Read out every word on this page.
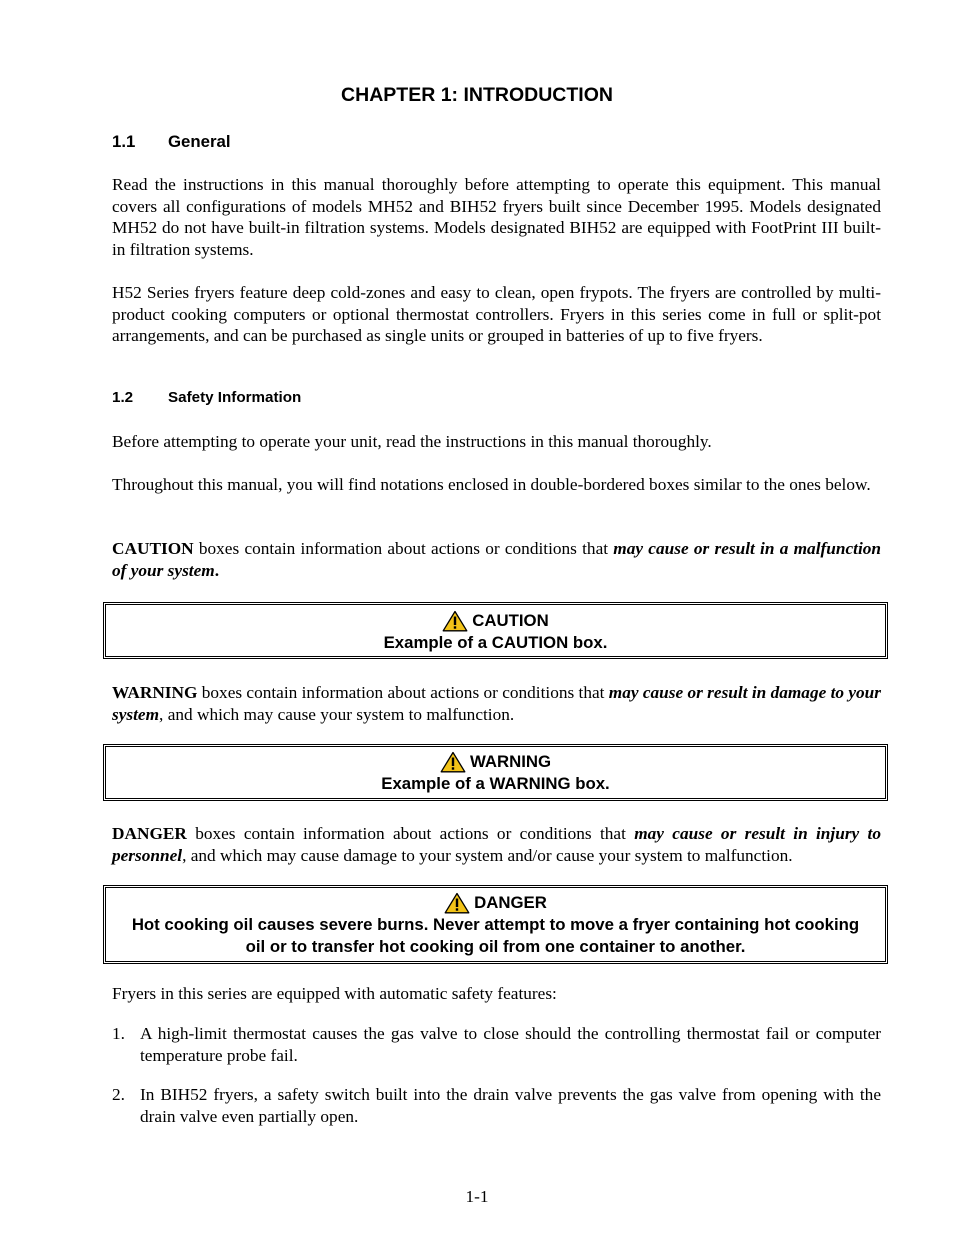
CHAPTER 1: INTRODUCTION
1.1 General

Read the instructions in this manual thoroughly before attempting to operate this equipment. This manual covers all configurations of models MH52 and BIH52 fryers built since December 1995. Models designated MH52 do not have built-in filtration systems. Models designated BIH52 are equipped with FootPrint III built-in filtration systems.

H52 Series fryers feature deep cold-zones and easy to clean, open frypots. The fryers are controlled by multi-product cooking computers or optional thermostat controllers. Fryers in this series come in full or split-pot arrangements, and can be purchased as single units or grouped in batteries of up to five fryers.

1.2 Safety Information

Before attempting to operate your unit, read the instructions in this manual thoroughly.

Throughout this manual, you will find notations enclosed in double-bordered boxes similar to the ones below.

CAUTION boxes contain information about actions or conditions that may cause or result in a malfunction of your system.

CAUTION
Example of a CAUTION box.

WARNING boxes contain information about actions or conditions that may cause or result in damage to your system, and which may cause your system to malfunction.

WARNING
Example of a WARNING box.

DANGER boxes contain information about actions or conditions that may cause or result in injury to personnel, and which may cause damage to your system and/or cause your system to malfunction.

DANGER
Hot cooking oil causes severe burns. Never attempt to move a fryer containing hot cooking oil or to transfer hot cooking oil from one container to another.

Fryers in this series are equipped with automatic safety features:

1. A high-limit thermostat causes the gas valve to close should the controlling thermostat fail or computer temperature probe fail.
2. In BIH52 fryers, a safety switch built into the drain valve prevents the gas valve from opening with the drain valve even partially open.
1-1
